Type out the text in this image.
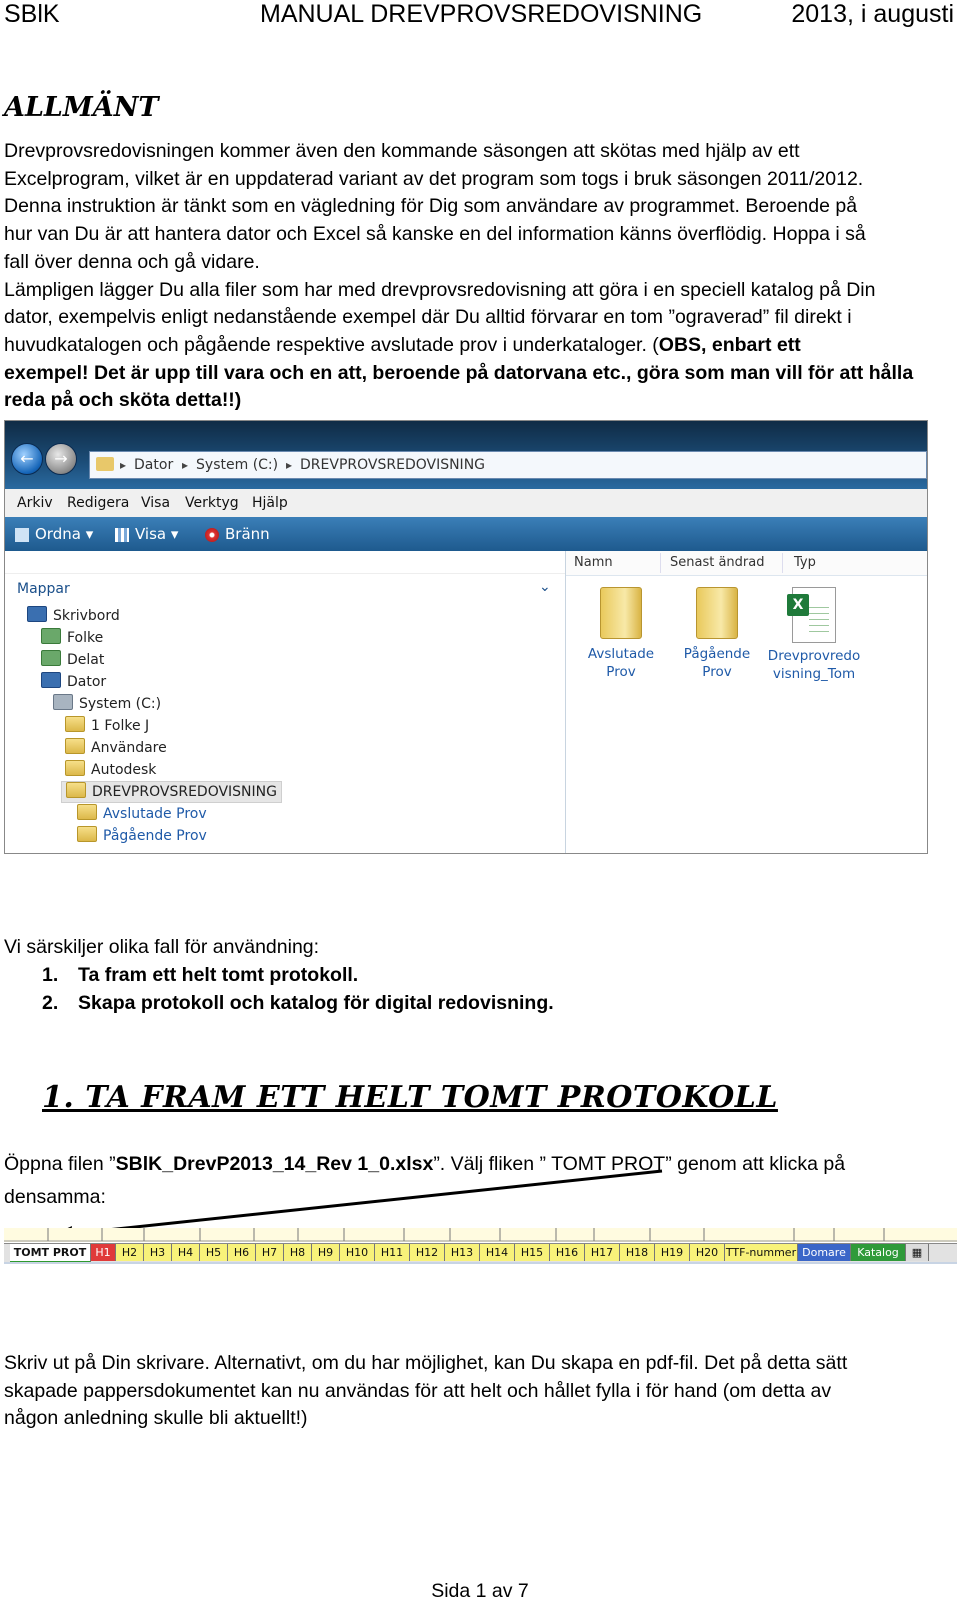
SBlK	MANUAL DREVPROVSREDOVISNING	2013, i augusti
ALLMÄNT
Drevprovsredovisningen kommer även den kommande säsongen att skötas med hjälp av ett
Excelprogram, vilket är en uppdaterad variant av det program som togs i bruk säsongen 2011/2012.
Denna instruktion är tänkt som en vägledning för Dig som användare av programmet. Beroende på
hur van Du är att hantera dator och Excel så kanske en del information känns överflödig. Hoppa i så
fall över denna och gå vidare.
Lämpligen lägger Du alla filer som har med drevprovsredovisning att göra i en speciell katalog på Din
dator, exempelvis enligt nedanstående exempel där Du alltid förvarar en tom ”ograverad” fil direkt i
huvudkatalogen och pågående respektive avslutade prov i underkataloger. (OBS, enbart ett
exempel! Det är upp till vara och en att, beroende på datorvana etc., göra som man vill för att hålla
reda på och sköta detta!!)
←	→	▸ Dator	▸ System (C:)	▸ DREVPROVSREDOVISNING
Arkiv Redigera Visa Verktyg Hjälp
Ordna ▾	Visa ▾	Bränn
Mappar	⌄
Skrivbord
Folke
Delat
Dator
System (C:)
1 Folke J
Användare
Autodesk
DREVPROVSREDOVISNING
Avslutade Prov
Pågående Prov
Namn	Senast ändrad Typ
Avslutade
Prov
Pågående
Prov
X
Drevprovredo
visning_Tom
Vi särskiljer olika fall för användning:
1. Ta fram ett helt tomt protokoll.
2. Skapa protokoll och katalog för digital redovisning.
1. TA FRAM ETT HELT TOMT PROTOKOLL
Öppna filen ”SBlK_DrevP2013_14_Rev 1_0.xlsx”. Välj fliken ” TOMT PROT” genom att klicka på
densamma:
TOMT PROT H1	H2	H3	H4	H5	H6	H7	H8	H9	H10	H11	H12	H13	H14	H15	H16	H17	H18	H19	H20 TTF-nummer Domare	Katalog	▦
Skriv ut på Din skrivare. Alternativt, om du har möjlighet, kan Du skapa en pdf-fil. Det på detta sätt
skapade pappersdokumentet kan nu användas för att helt och hållet fylla i för hand (om detta av
någon anledning skulle bli aktuellt!)
Sida 1 av 7
